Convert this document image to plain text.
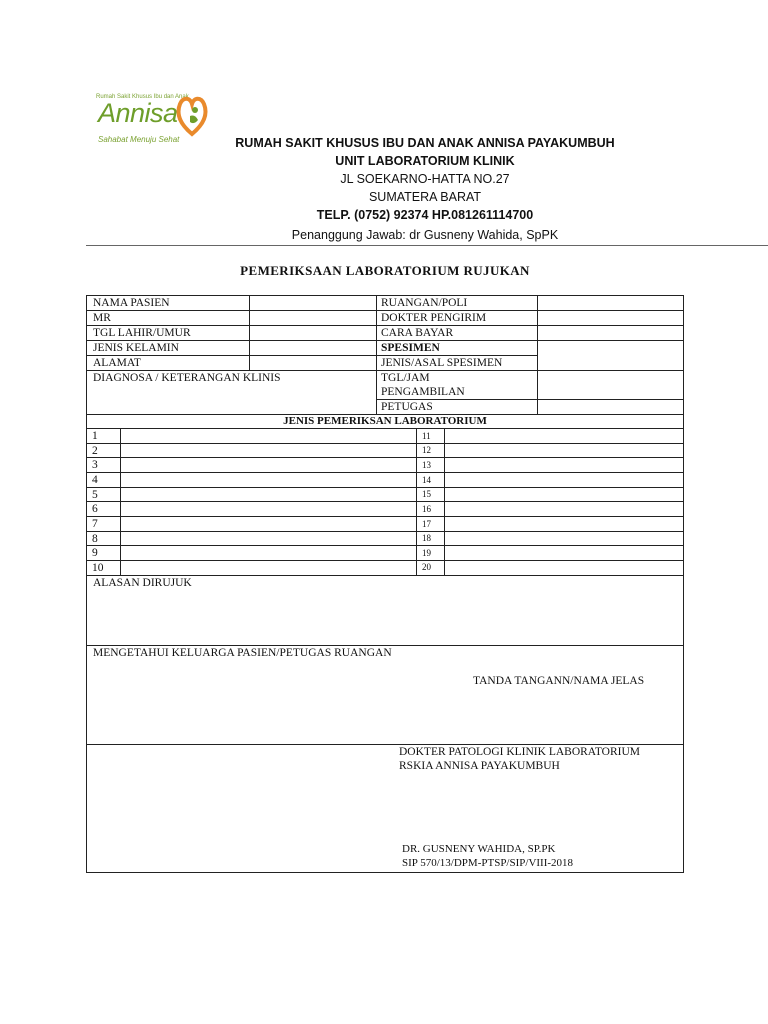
Rumah Sakit Khusus Ibu dan Anak
Annisa
Sahabat Menuju Sehat	RUMAH SAKIT KHUSUS IBU DAN ANAK ANNISA PAYAKUMBUH
UNIT LABORATORIUM KLINIK
JL SOEKARNO-HATTA NO.27
SUMATERA BARAT
TELP. (0752) 92374 HP.081261114700
Penanggung Jawab: dr Gusneny Wahida, SpPK
PEMERIKSAAN LABORATORIUM RUJUKAN
NAMA PASIEN
MR
TGL LAHIR/UMUR
JENIS KELAMIN
ALAMAT
DIAGNOSA / KETERANGAN KLINIS
RUANGAN/POLI
DOKTER PENGIRIM
CARA BAYAR
SPESIMEN
JENIS/ASAL SPESIMEN
TGL/JAM
PENGAMBILAN
PETUGAS
JENIS PEMERIKSAN LABORATORIUM
1
2
3
4
5
6
7
8
9
10
11
12
13
14
15
16
17
18
19
20
ALASAN DIRUJUK
MENGETAHUI KELUARGA PASIEN/PETUGAS RUANGAN
TANDA TANGANN/NAMA JELAS
DOKTER PATOLOGI KLINIK LABORATORIUM
RSKIA ANNISA PAYAKUMBUH
DR. GUSNENY WAHIDA, SP.PK
SIP 570/13/DPM-PTSP/SIP/VIII-2018
